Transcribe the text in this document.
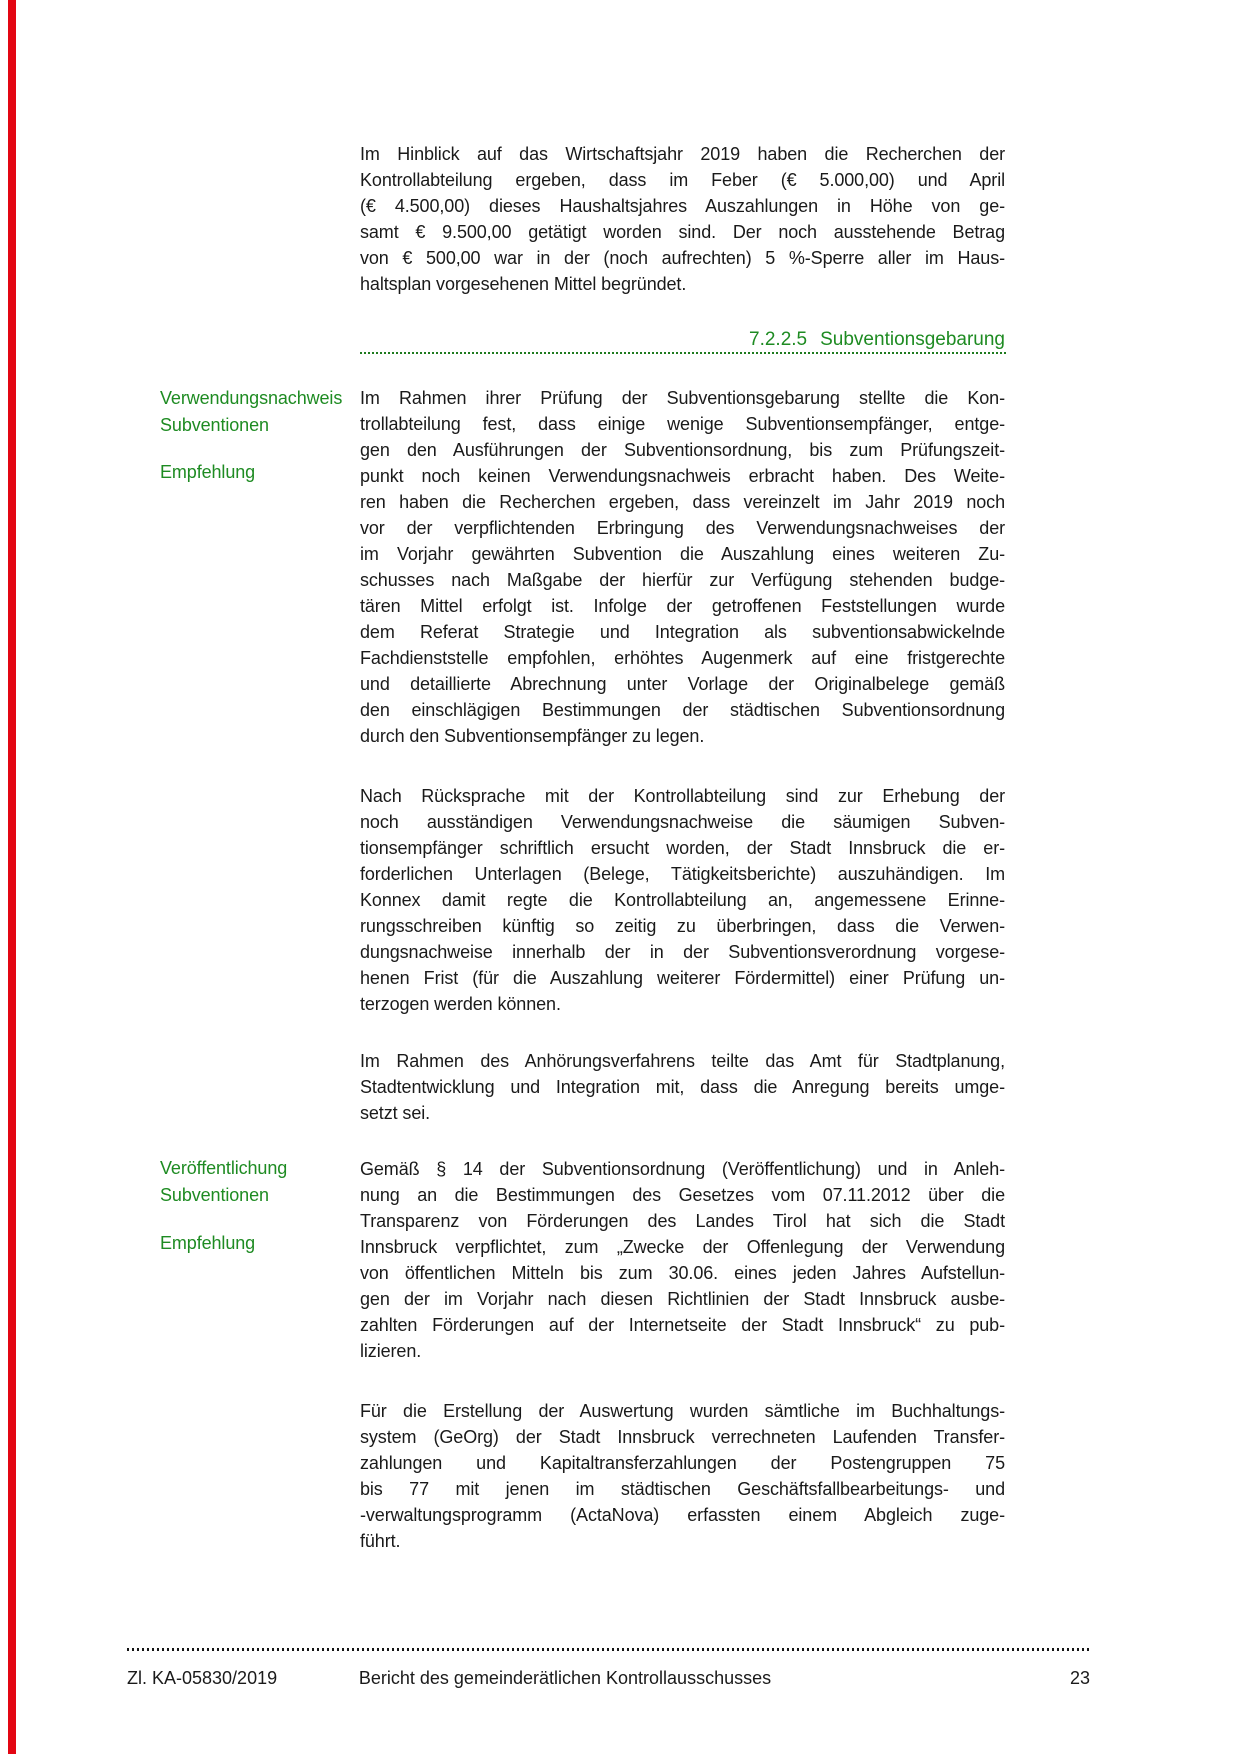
Im Hinblick auf das Wirtschaftsjahr 2019 haben die Recherchen der
Kontrollabteilung ergeben, dass im Feber (€ 5.000,00) und April
(€ 4.500,00) dieses Haushaltsjahres Auszahlungen in Höhe von ge-
samt € 9.500,00 getätigt worden sind. Der noch ausstehende Betrag
von € 500,00 war in der (noch aufrechten) 5 %-Sperre aller im Haus-
haltsplan vorgesehenen Mittel begründet.
7.2.2.5 Subventionsgebarung
Verwendungsnachweis
Subventionen
Empfehlung
Im Rahmen ihrer Prüfung der Subventionsgebarung stellte die Kon-
trollabteilung fest, dass einige wenige Subventionsempfänger, entge-
gen den Ausführungen der Subventionsordnung, bis zum Prüfungszeit-
punkt noch keinen Verwendungsnachweis erbracht haben. Des Weite-
ren haben die Recherchen ergeben, dass vereinzelt im Jahr 2019 noch
vor der verpflichtenden Erbringung des Verwendungsnachweises der
im Vorjahr gewährten Subvention die Auszahlung eines weiteren Zu-
schusses nach Maßgabe der hierfür zur Verfügung stehenden budge-
tären Mittel erfolgt ist. Infolge der getroffenen Feststellungen wurde
dem Referat Strategie und Integration als subventionsabwickelnde
Fachdienststelle empfohlen, erhöhtes Augenmerk auf eine fristgerechte
und detaillierte Abrechnung unter Vorlage der Originalbelege gemäß
den einschlägigen Bestimmungen der städtischen Subventionsordnung
durch den Subventionsempfänger zu legen.
Nach Rücksprache mit der Kontrollabteilung sind zur Erhebung der
noch ausständigen Verwendungsnachweise die säumigen Subven-
tionsempfänger schriftlich ersucht worden, der Stadt Innsbruck die er-
forderlichen Unterlagen (Belege, Tätigkeitsberichte) auszuhändigen. Im
Konnex damit regte die Kontrollabteilung an, angemessene Erinne-
rungsschreiben künftig so zeitig zu überbringen, dass die Verwen-
dungsnachweise innerhalb der in der Subventionsverordnung vorgese-
henen Frist (für die Auszahlung weiterer Fördermittel) einer Prüfung un-
terzogen werden können.
Im Rahmen des Anhörungsverfahrens teilte das Amt für Stadtplanung,
Stadtentwicklung und Integration mit, dass die Anregung bereits umge-
setzt sei.
Veröffentlichung
Subventionen
Empfehlung
Gemäß § 14 der Subventionsordnung (Veröffentlichung) und in Anleh-
nung an die Bestimmungen des Gesetzes vom 07.11.2012 über die
Transparenz von Förderungen des Landes Tirol hat sich die Stadt
Innsbruck verpflichtet, zum „Zwecke der Offenlegung der Verwendung
von öffentlichen Mitteln bis zum 30.06. eines jeden Jahres Aufstellun-
gen der im Vorjahr nach diesen Richtlinien der Stadt Innsbruck ausbe-
zahlten Förderungen auf der Internetseite der Stadt Innsbruck“ zu pub-
lizieren.
Für die Erstellung der Auswertung wurden sämtliche im Buchhaltungs-
system (GeOrg) der Stadt Innsbruck verrechneten Laufenden Transfer-
zahlungen und Kapitaltransferzahlungen der Postengruppen 75
bis 77 mit jenen im städtischen Geschäftsfallbearbeitungs- und
-verwaltungsprogramm (ActaNova) erfassten einem Abgleich zuge-
führt.
Zl. KA-05830/2019	Bericht des gemeinderätlichen Kontrollausschusses	23
